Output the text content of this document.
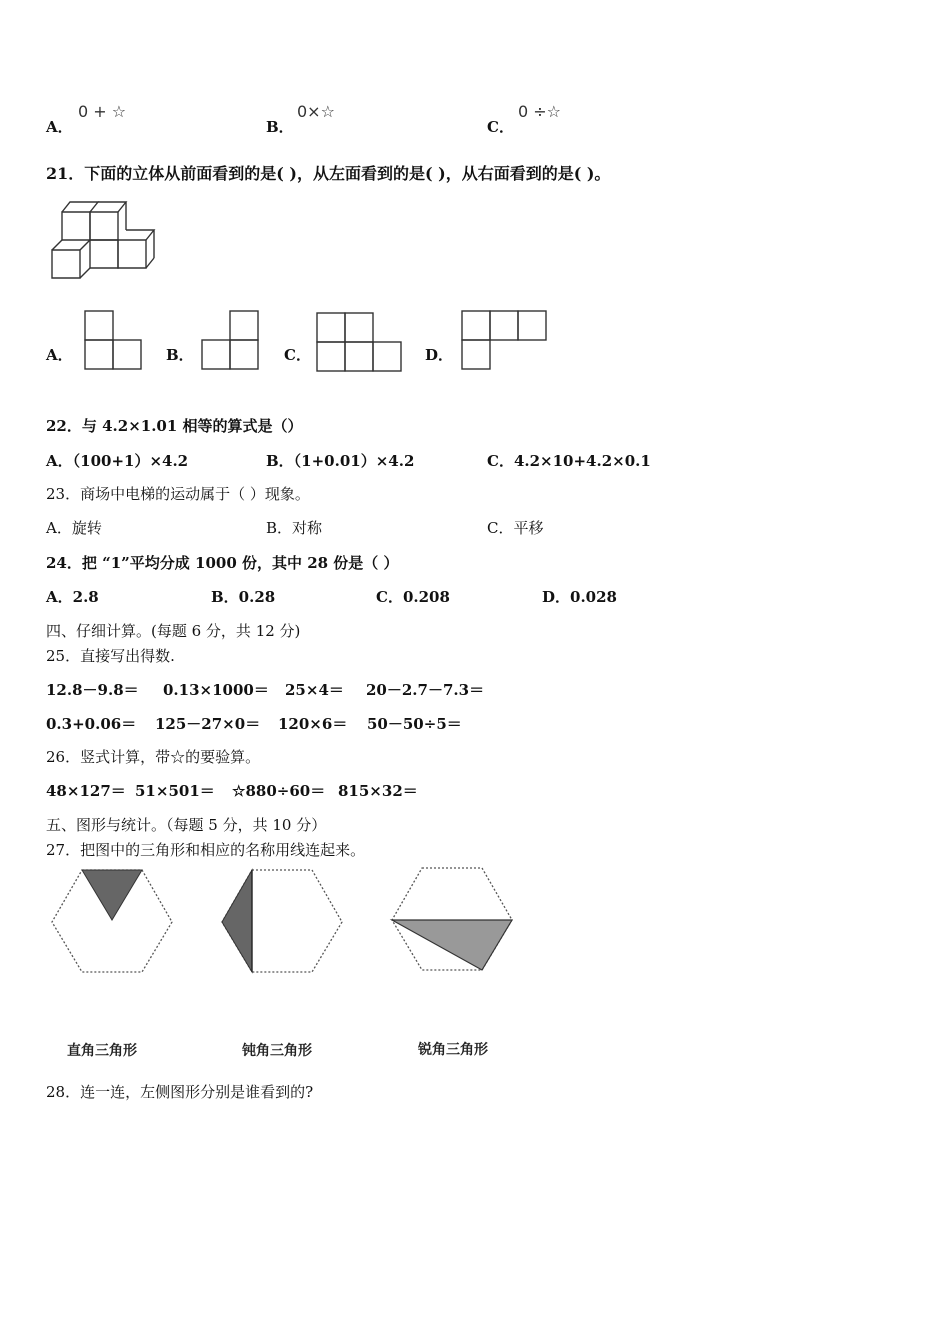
A．
0 + ☆
B．
0×☆
C．
0 ÷☆
21．下面的立体从前面看到的是( )，从左面看到的是( )，从右面看到的是( )。
A．	B．	C．	D．
22．与 4.2×1.01 相等的算式是（）
A．（100+1）×4.2	B．（1+0.01）×4.2	C．4.2×10+4.2×0.1
23．商场中电梯的运动属于（ ）现象。
A．旋转	B．对称	C．平移
24．把 “1”平均分成 1000 份，其中 28 份是（ ）
A．2.8	B．0.28	C．0.208	D．0.028
四、仔细计算。(每题 6 分，共 12 分)
25．直接写出得数.
12.8－9.8＝ 0.13×1000＝ 25×4＝ 20－2.7－7.3＝
0.3+0.06＝ 125－27×0＝ 120×6＝ 50－50÷5＝
26．竖式计算，带☆的要验算。
48×127＝ 51×501＝ ☆880÷60＝ 815×32＝
五、图形与统计。（每题 5 分，共 10 分）
27．把图中的三角形和相应的名称用线连起来。
直角三角形	钝角三角形	锐角三角形
28．连一连，左侧图形分别是谁看到的?
